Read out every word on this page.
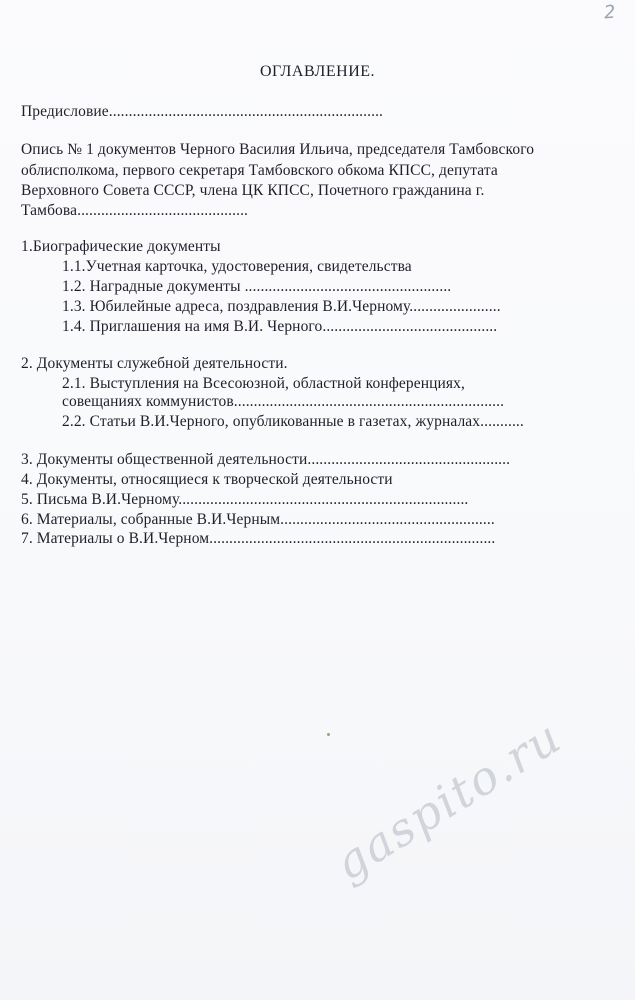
2
ОГЛАВЛЕНИЕ.
Предисловие.....................................................................
Опись № 1 документов Черного Василия Ильича, председателя Тамбовского
облисполкома, первого секретаря Тамбовского обкома КПСС, депутата
Верховного Совета СССР, члена ЦК КПСС, Почетного гражданина г.
Тамбова...........................................
1.Биографические документы
1.1.Учетная карточка, удостоверения, свидетельства
1.2. Наградные документы ....................................................
1.3. Юбилейные адреса, поздравления В.И.Черному.......................
1.4. Приглашения на имя В.И. Черного............................................
2. Документы служебной деятельности.
2.1. Выступления на Всесоюзной, областной конференциях,
совещаниях коммунистов....................................................................
2.2. Статьи В.И.Черного, опубликованные в газетах, журналах...........
3. Документы общественной деятельности...................................................
4. Документы, относящиеся к творческой деятельности
5. Письма В.И.Черному.........................................................................
6. Материалы, собранные В.И.Черным......................................................
7. Материалы о В.И.Черном........................................................................
gaspito.ru
